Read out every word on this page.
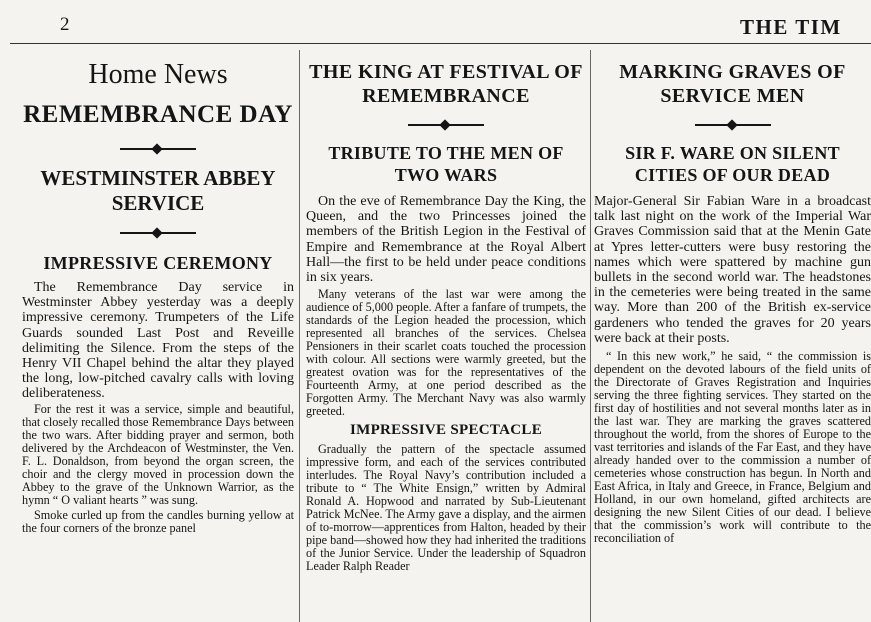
2	THE TIM
Home News
REMEMBRANCE DAY
WESTMINSTER ABBEY SERVICE
IMPRESSIVE CEREMONY

The Remembrance Day service in Westminster Abbey yesterday was a deeply impressive ceremony. Trumpeters of the Life Guards sounded Last Post and Reveille delimiting the Silence. From the steps of the Henry VII Chapel behind the altar they played the long, low-pitched cavalry calls with loving deliberateness.

For the rest it was a service, simple and beautiful, that closely recalled those Remembrance Days between the two wars. After bidding prayer and sermon, both delivered by the Archdeacon of Westminster, the Ven. F. L. Donaldson, from beyond the organ screen, the choir and the clergy moved in procession down the Abbey to the grave of the Unknown Warrior, as the hymn “ O valiant hearts ” was sung.

Smoke curled up from the candles burning yellow at the four corners of the bronze panel

THE KING AT FESTIVAL OF REMEMBRANCE
TRIBUTE TO THE MEN OF TWO WARS

On the eve of Remembrance Day the King, the Queen, and the two Princesses joined the members of the British Legion in the Festival of Empire and Remembrance at the Royal Albert Hall—the first to be held under peace conditions in six years.

Many veterans of the last war were among the audience of 5,000 people. After a fanfare of trumpets, the standards of the Legion headed the procession, which represented all branches of the services. Chelsea Pensioners in their scarlet coats touched the procession with colour. All sections were warmly greeted, but the greatest ovation was for the representatives of the Fourteenth Army, at one period described as the Forgotten Army. The Merchant Navy was also warmly greeted.

IMPRESSIVE SPECTACLE

Gradually the pattern of the spectacle assumed impressive form, and each of the services contributed interludes. The Royal Navy’s contribution included a tribute to “ The White Ensign,” written by Admiral Ronald A. Hopwood and narrated by Sub-Lieutenant Patrick McNee. The Army gave a display, and the airmen of to-morrow—apprentices from Halton, headed by their pipe band—showed how they had inherited the traditions of the Junior Service. Under the leadership of Squadron Leader Ralph Reader

MARKING GRAVES OF SERVICE MEN
SIR F. WARE ON SILENT CITIES OF OUR DEAD

Major-General Sir Fabian Ware in a broadcast talk last night on the work of the Imperial War Graves Commission said that at the Menin Gate at Ypres letter-cutters were busy restoring the names which were spattered by machine gun bullets in the second world war. The headstones in the cemeteries were being treated in the same way. More than 200 of the British ex-service gardeners who tended the graves for 20 years were back at their posts.

“ In this new work,” he said, “ the commission is dependent on the devoted labours of the field units of the Directorate of Graves Registration and Inquiries serving the three fighting services. They started on the first day of hostilities and not several months later as in the last war. They are marking the graves scattered throughout the world, from the shores of Europe to the vast territories and islands of the Far East, and they have already handed over to the commission a number of cemeteries whose construction has begun. In North and East Africa, in Italy and Greece, in France, Belgium and Holland, in our own homeland, gifted architects are designing the new Silent Cities of our dead. I believe that the commission’s work will contribute to the reconciliation of
